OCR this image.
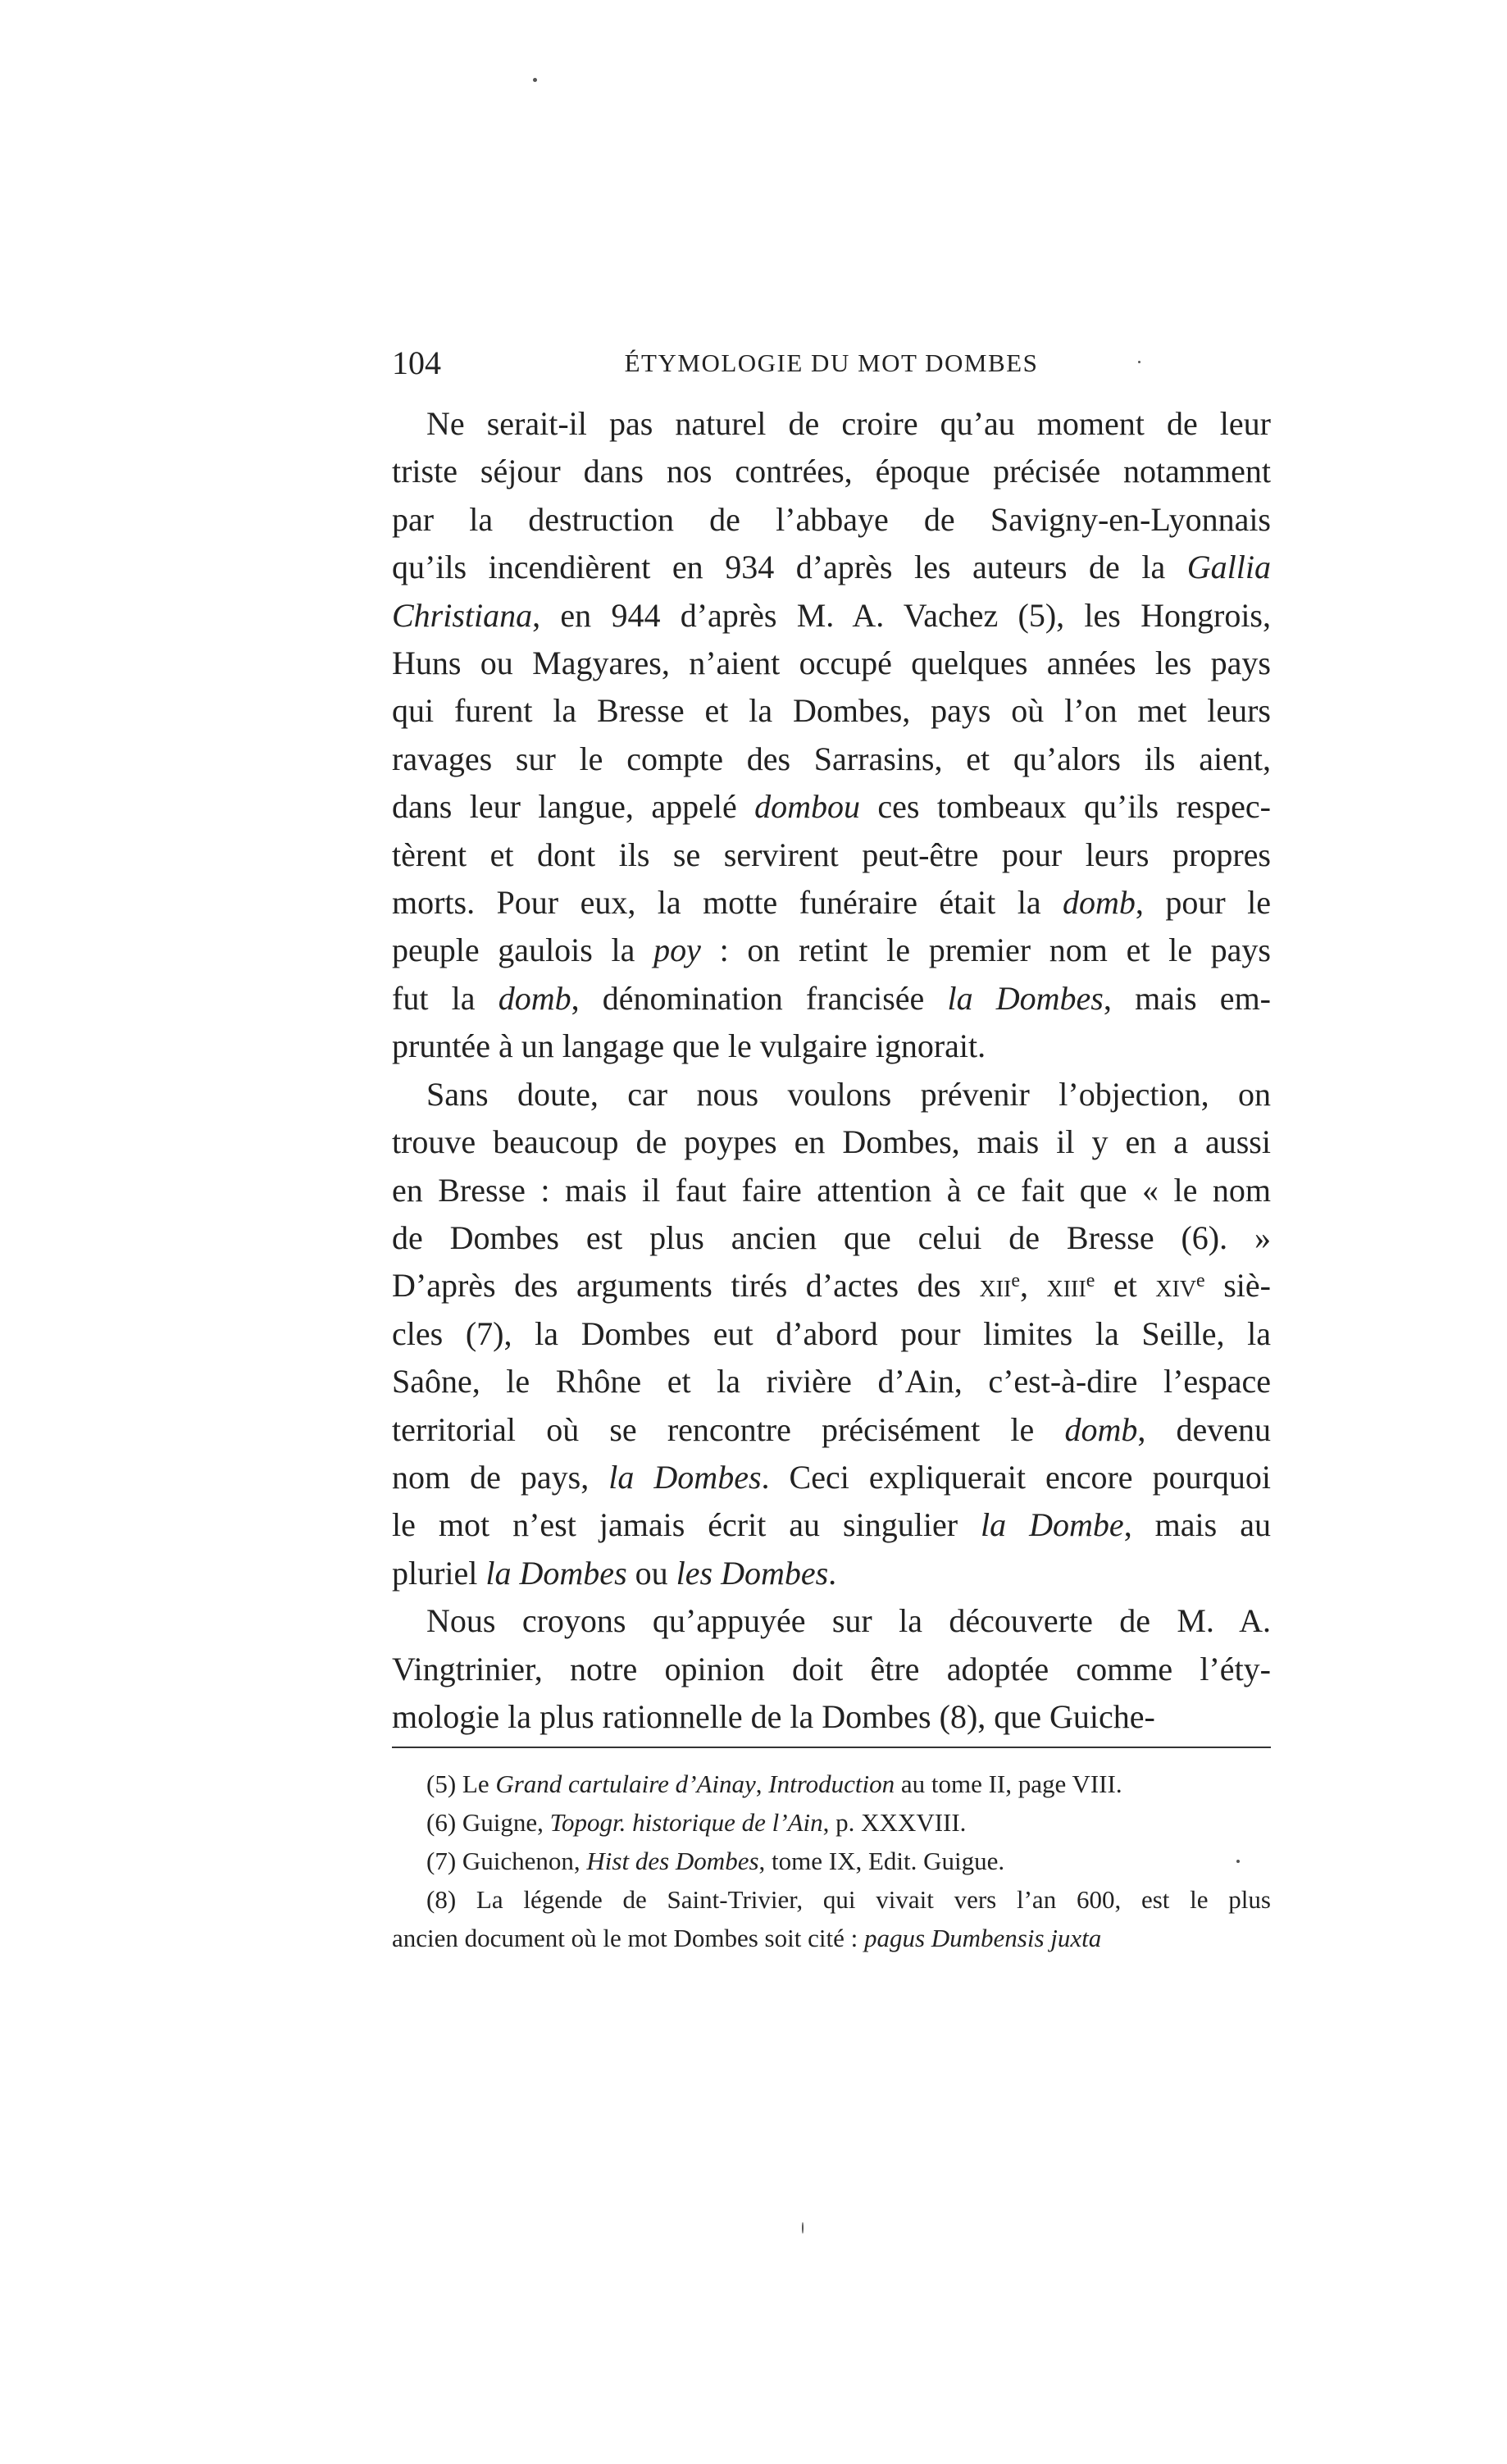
104	ÉTYMOLOGIE DU MOT DOMBES

Ne serait-il pas naturel de croire qu’au moment de leur
triste séjour dans nos contrées, époque précisée notamment
par la destruction de l’abbaye de Savigny-en-Lyonnais
qu’ils incendièrent en 934 d’après les auteurs de la Gallia
Christiana, en 944 d’après M. A. Vachez (5), les Hongrois,
Huns ou Magyares, n’aient occupé quelques années les pays
qui furent la Bresse et la Dombes, pays où l’on met leurs
ravages sur le compte des Sarrasins, et qu’alors ils aient,
dans leur langue, appelé dombou ces tombeaux qu’ils respec-
tèrent et dont ils se servirent peut-être pour leurs propres
morts. Pour eux, la motte funéraire était la domb, pour le
peuple gaulois la poy : on retint le premier nom et le pays
fut la domb, dénomination francisée la Dombes, mais em-
pruntée à un langage que le vulgaire ignorait.

Sans doute, car nous voulons prévenir l’objection, on
trouve beaucoup de poypes en Dombes, mais il y en a aussi
en Bresse : mais il faut faire attention à ce fait que « le nom
de Dombes est plus ancien que celui de Bresse (6). »
D’après des arguments tirés d’actes des xii$^e$, xiii$^e$ et xiv$^e$ siè-
cles (7), la Dombes eut d’abord pour limites la Seille, la
Saône, le Rhône et la rivière d’Ain, c’est-à-dire l’espace
territorial où se rencontre précisément le domb, devenu
nom de pays, la Dombes. Ceci expliquerait encore pourquoi
le mot n’est jamais écrit au singulier la Dombe, mais au
pluriel la Dombes ou les Dombes.

Nous croyons qu’appuyée sur la découverte de M. A.
Vingtrinier, notre opinion doit être adoptée comme l’éty-
mologie la plus rationnelle de la Dombes (8), que Guiche-

(5) Le Grand cartulaire d’Ainay, Introduction au tome II, page VIII.

(6) Guigne, Topogr. historique de l’Ain, p. XXXVIII.

(7) Guichenon, Hist des Dombes, tome IX, Edit. Guigue.

(8) La légende de Saint-Trivier, qui vivait vers l’an 600, est le plus
ancien document où le mot Dombes soit cité : pagus Dumbensis juxta
